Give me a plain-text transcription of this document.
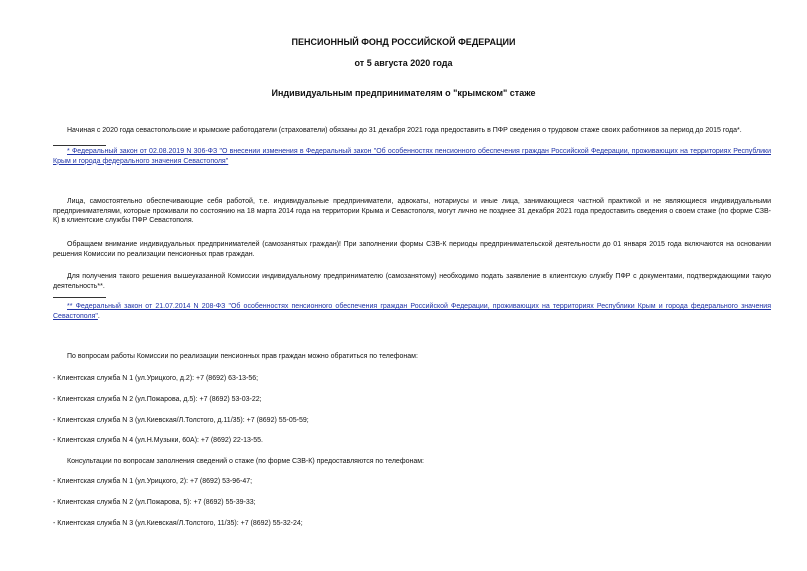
ПЕНСИОННЫЙ ФОНД РОССИЙСКОЙ ФЕДЕРАЦИИ
от 5 августа 2020 года
Индивидуальным предпринимателям о "крымском" стаже
Начиная с 2020 года севастопольские и крымские работодатели (страхователи) обязаны до 31 декабря 2021 года предоставить в ПФР сведения о трудовом стаже своих работников за период до 2015 года*.
* Федеральный закон от 02.08.2019 N 306-ФЗ "О внесении изменения в Федеральный закон "Об особенностях пенсионного обеспечения граждан Российской Федерации, проживающих на территориях Республики Крым и города федерального значения Севастополя"
Лица, самостоятельно обеспечивающие себя работой, т.е. индивидуальные предприниматели, адвокаты, нотариусы и иные лица, занимающиеся частной практикой и не являющиеся индивидуальными предпринимателями, которые проживали по состоянию на 18 марта 2014 года на территории Крыма и Севастополя, могут лично не позднее 31 декабря 2021 года предоставить сведения о своем стаже (по форме СЗВ-К) в клиентские службы ПФР Севастополя.
Обращаем внимание индивидуальных предпринимателей (самозанятых граждан)! При заполнении формы СЗВ-К периоды предпринимательской деятельности до 01 января 2015 года включаются на основании решения Комиссии по реализации пенсионных прав граждан.
Для получения такого решения вышеуказанной Комиссии индивидуальному предпринимателю (самозанятому) необходимо подать заявление в клиентскую службу ПФР с документами, подтверждающими такую деятельность**.
** Федеральный закон от 21.07.2014 N 208-ФЗ "Об особенностях пенсионного обеспечения граждан Российской Федерации, проживающих на территориях Республики Крым и города федерального значения Севастополя".
По вопросам работы Комиссии по реализации пенсионных прав граждан можно обратиться по телефонам:
- Клиентская служба N 1 (ул.Урицкого, д.2): +7 (8692) 63-13-56;
- Клиентская служба N 2 (ул.Пожарова, д.5): +7 (8692) 53-03-22;
- Клиентская служба N 3 (ул.Киевская/Л.Толстого, д.11/35): +7 (8692) 55-05-59;
- Клиентская служба N 4 (ул.Н.Музыки, 60А): +7 (8692) 22-13-55.
Консультации по вопросам заполнения сведений о стаже (по форме СЗВ-К) предоставляются по телефонам:
- Клиентская служба N 1 (ул.Урицкого, 2): +7 (8692) 53-96-47;
- Клиентская служба N 2 (ул.Пожарова, 5): +7 (8692) 55-39-33;
- Клиентская служба N 3 (ул.Киевская/Л.Толстого, 11/35): +7 (8692) 55-32-24;
